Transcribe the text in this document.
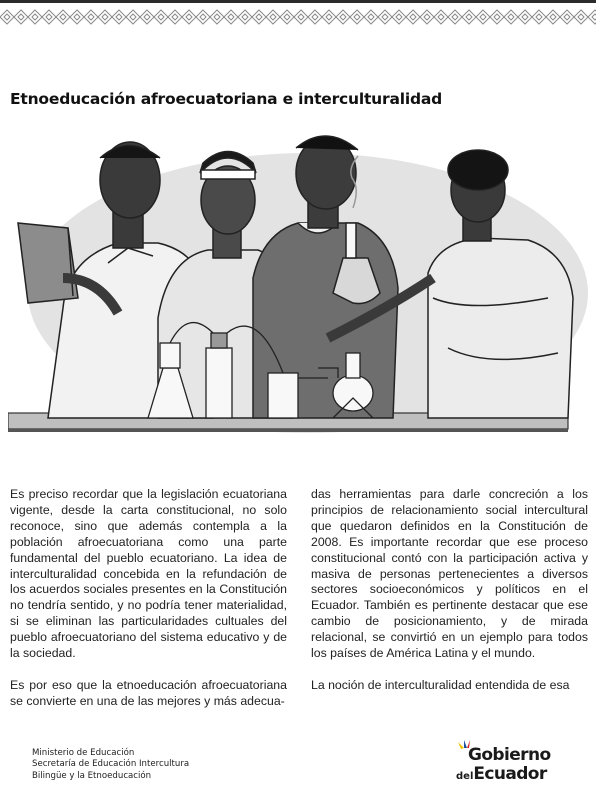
Etnoeducación afroecuatoriana e interculturalidad

Es preciso recordar que la legislación ecuatoriana vigente, desde la carta constitucional, no solo reconoce, sino que además contempla a la población afroecuatoriana como una parte fundamental del pueblo ecuatoriano. La idea de interculturalidad concebida en la refundación de los acuerdos sociales presentes en la Constitución no tendría sentido, y no podría tener materialidad, si se eliminan las particularidades cultuales del pueblo afroecuatoriano del sistema educativo y de la sociedad.

Es por eso que la etnoeducación afroecuatoriana se convierte en una de las mejores y más adecua-

das herramientas para darle concreción a los principios de relacionamiento social intercultural que quedaron definidos en la Constitución de 2008. Es importante recordar que ese proceso constitucional contó con la participación activa y masiva de personas pertenecientes a diversos sectores socioeconómicos y políticos en el Ecuador. También es pertinente destacar que ese cambio de posicionamiento, y de mirada relacional, se convirtió en un ejemplo para todos los países de América Latina y el mundo.

La noción de interculturalidad entendida de esa

Ministerio de Educación
Secretaría de Educación Intercultura
Bilingüe y la Etnoeducación
Gobierno
delEcuador
